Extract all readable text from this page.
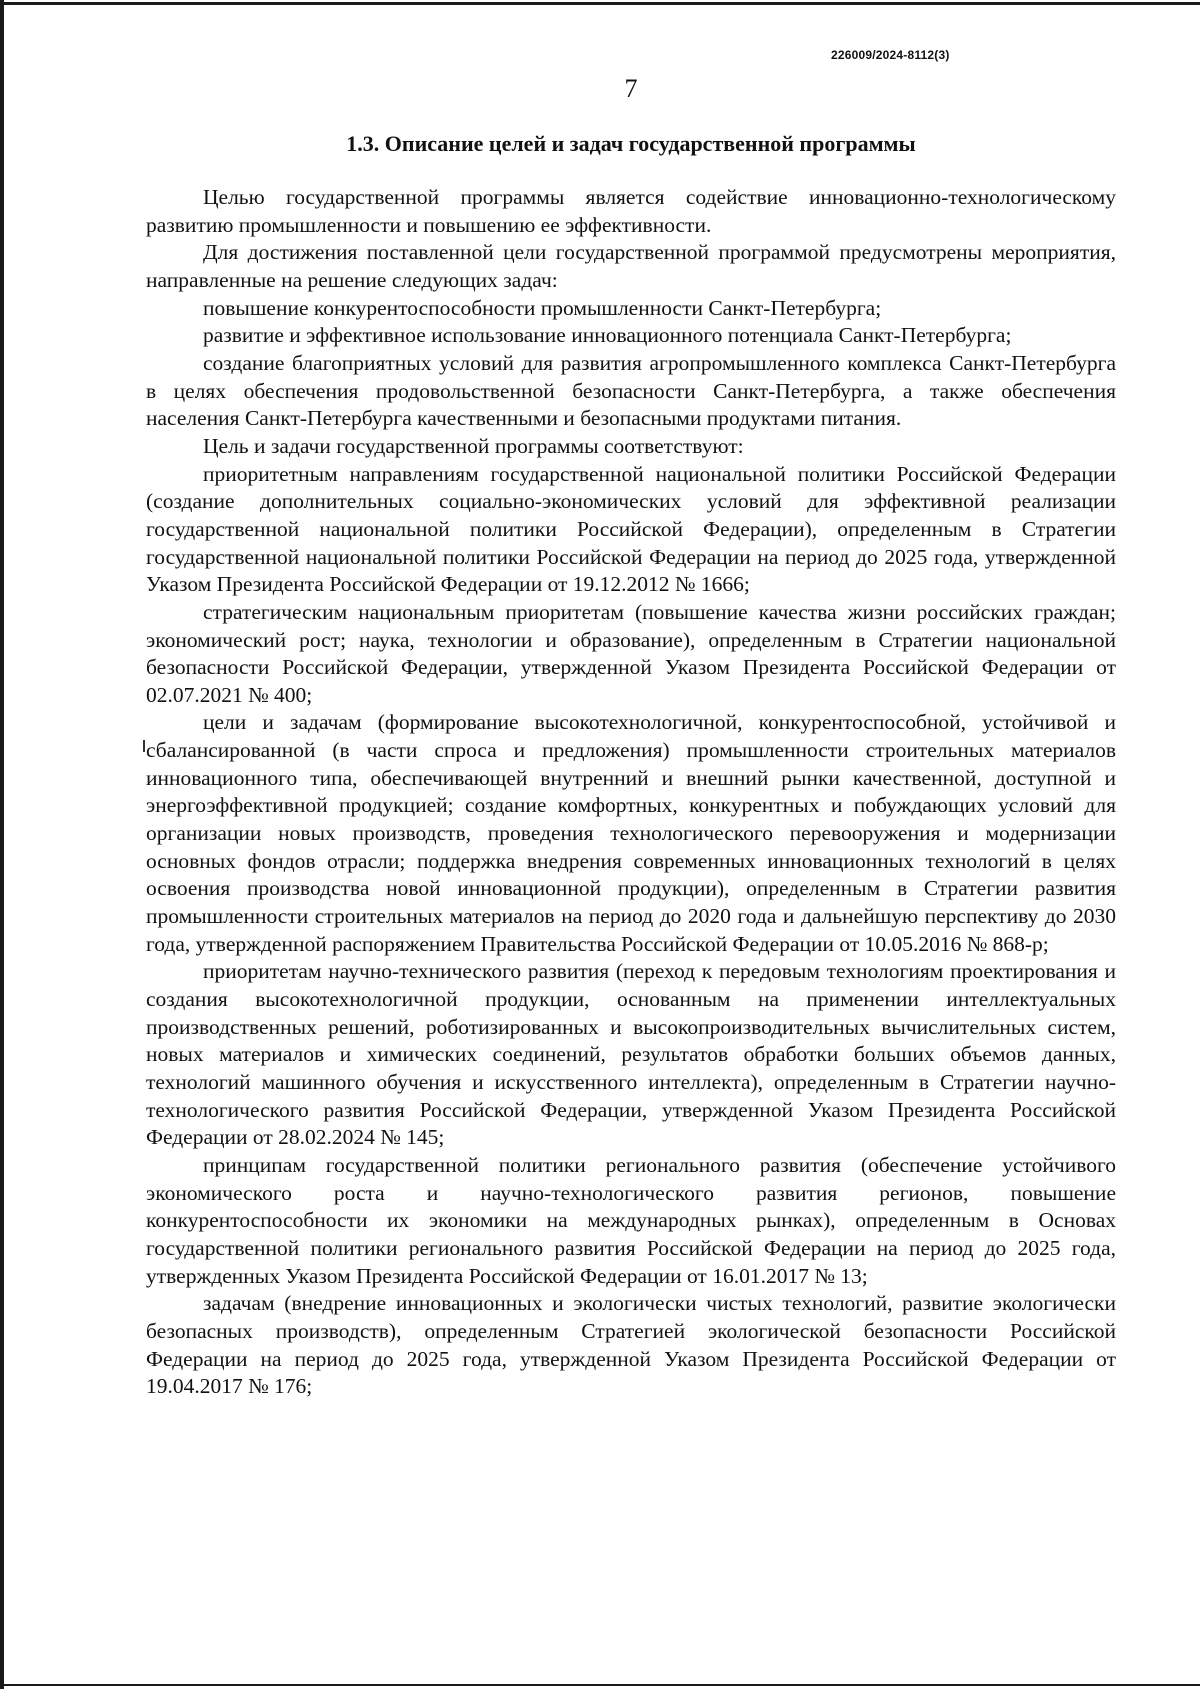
226009/2024-8112(3)
7
1.3. Описание целей и задач государственной программы

Целью государственной программы является содействие инновационно-технологическому развитию промышленности и повышению ее эффективности.

Для достижения поставленной цели государственной программой предусмотрены мероприятия, направленные на решение следующих задач:

повышение конкурентоспособности промышленности Санкт-Петербурга;

развитие и эффективное использование инновационного потенциала Санкт-Петербурга;

создание благоприятных условий для развития агропромышленного комплекса Санкт-Петербурга в целях обеспечения продовольственной безопасности Санкт-Петербурга, а также обеспечения населения Санкт-Петербурга качественными и безопасными продуктами питания.

Цель и задачи государственной программы соответствуют:

приоритетным направлениям государственной национальной политики Российской Федерации (создание дополнительных социально-экономических условий для эффективной реализации государственной национальной политики Российской Федерации), определенным в Стратегии государственной национальной политики Российской Федерации на период до 2025 года, утвержденной Указом Президента Российской Федерации от 19.12.2012 № 1666;

стратегическим национальным приоритетам (повышение качества жизни российских граждан; экономический рост; наука, технологии и образование), определенным в Стратегии национальной безопасности Российской Федерации, утвержденной Указом Президента Российской Федерации от 02.07.2021 № 400;

цели и задачам (формирование высокотехнологичной, конкурентоспособной, устойчивой и сбалансированной (в части спроса и предложения) промышленности строительных материалов инновационного типа, обеспечивающей внутренний и внешний рынки качественной, доступной и энергоэффективной продукцией; создание комфортных, конкурентных и побуждающих условий для организации новых производств, проведения технологического перевооружения и модернизации основных фондов отрасли; поддержка внедрения современных инновационных технологий в целях освоения производства новой инновационной продукции), определенным в Стратегии развития промышленности строительных материалов на период до 2020 года и дальнейшую перспективу до 2030 года, утвержденной распоряжением Правительства Российской Федерации от 10.05.2016 № 868-р;

приоритетам научно-технического развития (переход к передовым технологиям проектирования и создания высокотехнологичной продукции, основанным на применении интеллектуальных производственных решений, роботизированных и высокопроизводительных вычислительных систем, новых материалов и химических соединений, результатов обработки больших объемов данных, технологий машинного обучения и искусственного интеллекта), определенным в Стратегии научно-технологического развития Российской Федерации, утвержденной Указом Президента Российской Федерации от 28.02.2024 № 145;

принципам государственной политики регионального развития (обеспечение устойчивого экономического роста и научно-технологического развития регионов, повышение конкурентоспособности их экономики на международных рынках), определенным в Основах государственной политики регионального развития Российской Федерации на период до 2025 года, утвержденных Указом Президента Российской Федерации от 16.01.2017 № 13;

задачам (внедрение инновационных и экологически чистых технологий, развитие экологически безопасных производств), определенным Стратегией экологической безопасности Российской Федерации на период до 2025 года, утвержденной Указом Президента Российской Федерации от 19.04.2017 № 176;
